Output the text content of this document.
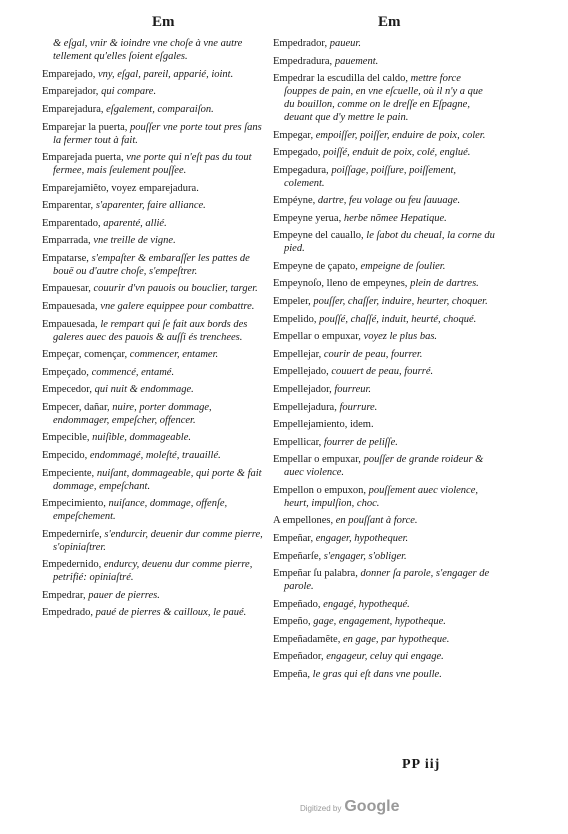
Em	Em

& eſgal, vnir & ioindre vne choſe à vne autre tellement qu'elles ſoient eſgales.

Emparejado, vny, eſgal, pareil, apparié, ioint.

Emparejador, qui compare.

Emparejadura, eſgalement, comparaiſon.

Emparejar la puerta, pouſſer vne porte tout pres ſans la fermer tout à fait.

Emparejada puerta, vne porte qui n'eſt pas du tout fermee, mais ſeulement pouſſee.

Emparejamiẽto, voyez emparejadura.

Emparentar, s'aparenter, faire alliance.

Emparentado, aparenté, allié.

Emparrada, vne treille de vigne.

Empatarse, s'empaſter & embaraſſer les pattes de bouë ou d'autre choſe, s'empeſtrer.

Empauesar, couurir d'vn pauois ou bouclier, targer.

Empauesada, vne galere equippee pour combattre.

Empauesada, le rempart qui ſe fait aux bords des galeres auec des pauois & auſſi és trenchees.

Empeçar, començar, commencer, entamer.

Empeçado, commencé, entamé.

Empecedor, qui nuit & endommage.

Empecer, dañar, nuire, porter dommage, endommager, empeſcher, offencer.

Empecible, nuiſible, dommageable.

Empecido, endommagé, moleſté, trauaillé.

Empeciente, nuiſant, dommageable, qui porte & fait dommage, empeſchant.

Empecimiento, nuiſance, dommage, offenſe, empeſchement.

Empedernirſe, s'endurcir, deuenir dur comme pierre, s'opiniaſtrer.

Empedernido, endurcy, deuenu dur comme pierre, petrifié: opiniaſtré.

Empedrar, pauer de pierres.

Empedrado, paué de pierres & cailloux, le paué.

Empedrador, paueur.

Empedradura, pauement.

Empedrar la escudilla del caldo, mettre force ſouppes de pain, en vne eſcuelle, où il n'y a que du bouillon, comme on le dreſſe en Eſpagne, deuant que d'y mettre le pain.

Empegar, empoiſſer, poiſſer, enduire de poix, coler.

Empegado, poiſſé, enduit de poix, colé, englué.

Empegadura, poiſſage, poiſſure, poiſſement, colement.

Empéyne, dartre, feu volage ou feu ſauuage.

Empeyne yerua, herbe nõmee Hepatique.

Empeyne del cauallo, le ſabot du cheual, la corne du pied.

Empeyne de çapato, empeigne de ſoulier.

Empeynoſo, lleno de empeynes, plein de dartres.

Empeler, pouſſer, chaſſer, induire, heurter, choquer.

Empelido, pouſſé, chaſſé, induit, heurté, choqué.

Empellar o empuxar, voyez le plus bas.

Empellejar, courir de peau, fourrer.

Empellejado, couuert de peau, fourré.

Empellejador, fourreur.

Empellejadura, fourrure.

Empellejamiento, idem.

Empellicar, fourrer de peliſſe.

Empellar o empuxar, pouſſer de grande roideur & auec violence.

Empellon o empuxon, pouſſement auec violence, heurt, impulſion, choc.

A empellones, en pouſſant à force.

Empeñar, engager, hypothequer.

Empeñarſe, s'engager, s'obliger.

Empeñar ſu palabra, donner ſa parole, s'engager de parole.

Empeñado, engagé, hypothequé.

Empeño, gage, engagement, hypotheque.

Empeñadamẽte, en gage, par hypotheque.

Empeñador, engageur, celuy qui engage.

Empeña, le gras qui eſt dans vne poulle.

PP iij
Digitized by Google
